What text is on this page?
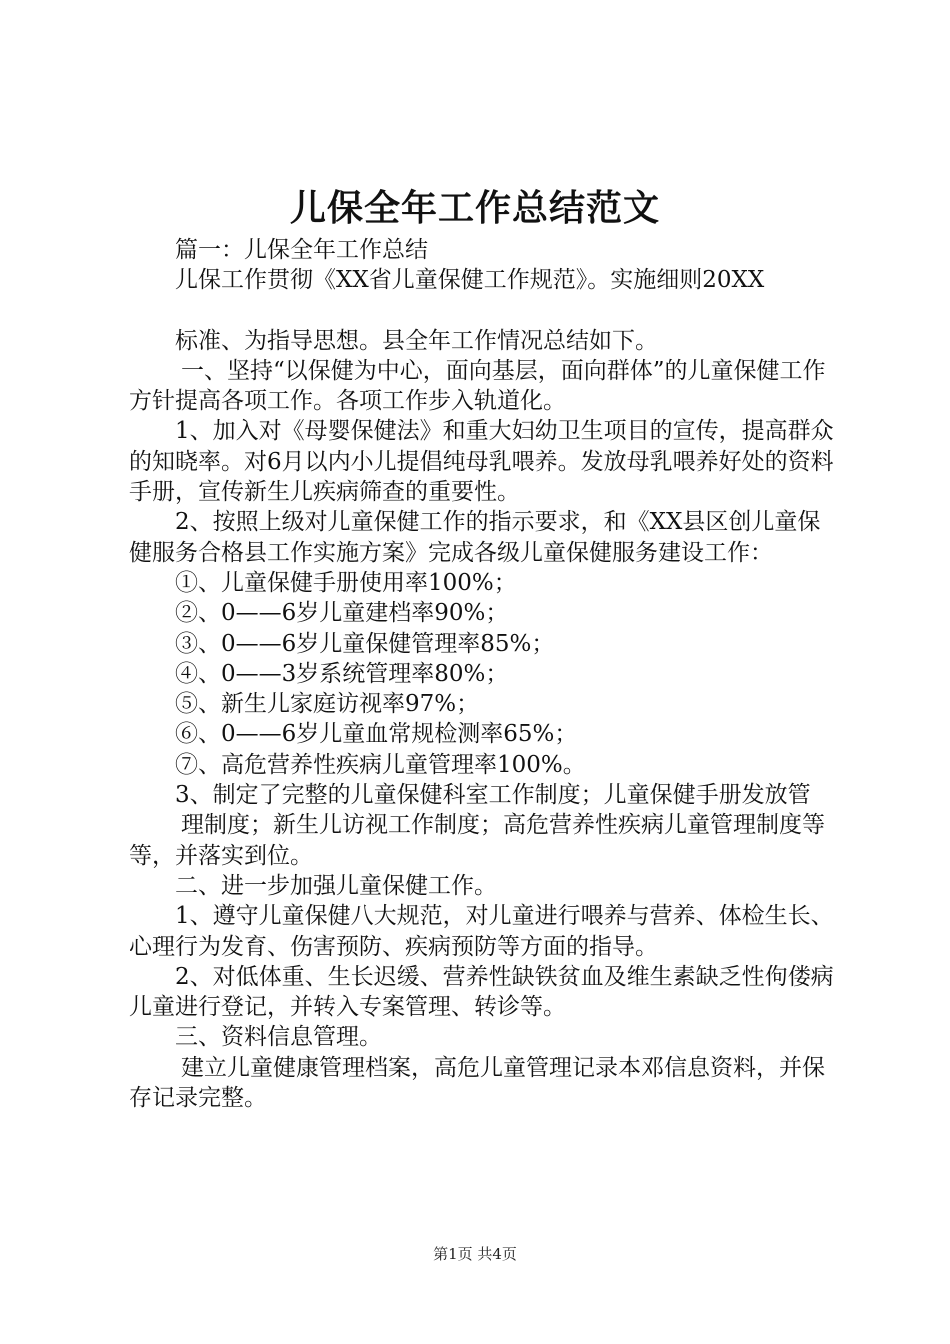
儿保全年工作总结范文

篇一：儿保全年工作总结

儿保工作贯彻《XX省儿童保健工作规范》。实施细则20XX

标准、为指导思想。县全年工作情况总结如下。

一、坚持“以保健为中心，面向基层，面向群体”的儿童保健工作方针提高各项工作。各项工作步入轨道化。

1、加入对《母婴保健法》和重大妇幼卫生项目的宣传，提高群众的知晓率。对6月以内小儿提倡纯母乳喂养。发放母乳喂养好处的资料手册，宣传新生儿疾病筛查的重要性。

2、按照上级对儿童保健工作的指示要求，和《XX县区创儿童保健服务合格县工作实施方案》完成各级儿童保健服务建设工作：

①、儿童保健手册使用率100%；

②、0——6岁儿童建档率90%；

③、0——6岁儿童保健管理率85%；

④、0——3岁系统管理率80%；

⑤、新生儿家庭访视率97%；

⑥、0——6岁儿童血常规检测率65%；

⑦、高危营养性疾病儿童管理率100%。

3、制定了完整的儿童保健科室工作制度；儿童保健手册发放管

理制度；新生儿访视工作制度；高危营养性疾病儿童管理制度等等，并落实到位。

二、进一步加强儿童保健工作。

1、遵守儿童保健八大规范，对儿童进行喂养与营养、体检生长、心理行为发育、伤害预防、疾病预防等方面的指导。

2、对低体重、生长迟缓、营养性缺铁贫血及维生素缺乏性佝偻病儿童进行登记，并转入专案管理、转诊等。

三、资料信息管理。

建立儿童健康管理档案，高危儿童管理记录本邓信息资料，并保存记录完整。

第1页 共4页
